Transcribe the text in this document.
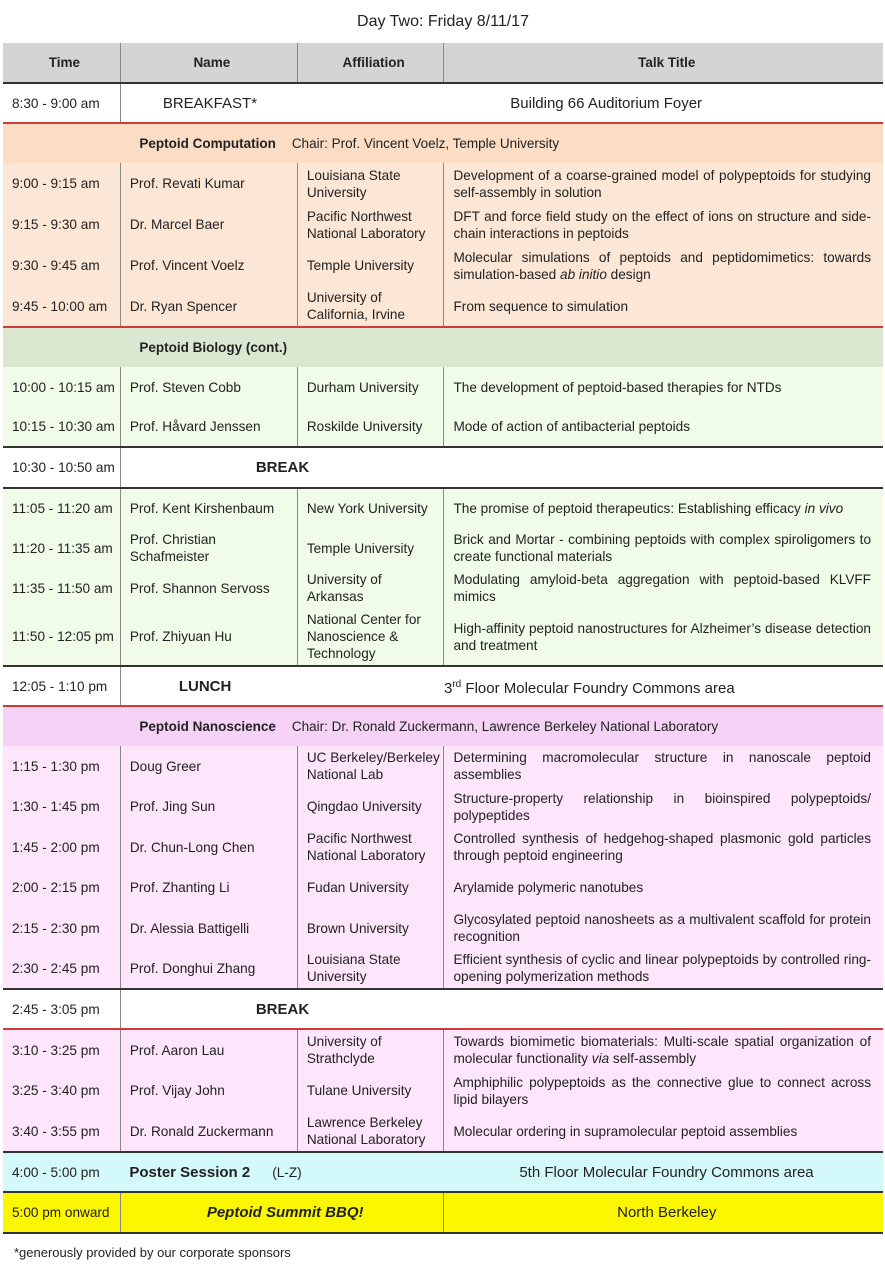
Day Two: Friday 8/11/17
Time	Name	Affiliation	Talk Title
8:30 - 9:00 am	BREAKFAST*	Building 66 Auditorium Foyer	
	Peptoid Computation Chair: Prof. Vincent Voelz, Temple University		
9:00 - 9:15 am	Prof. Revati Kumar	Louisiana State University	Development of a coarse-grained model of polypeptoids for studying self-assembly in solution
9:15 - 9:30 am	Dr. Marcel Baer	Pacific Northwest National Laboratory	DFT and force field study on the effect of ions on structure and side-chain interactions in peptoids
9:30 - 9:45 am	Prof. Vincent Voelz	Temple University	Molecular simulations of peptoids and peptidomimetics: towards simulation-based ab initio design
9:45 - 10:00 am	Dr. Ryan Spencer	University of California, Irvine	From sequence to simulation
	Peptoid Biology (cont.)		
10:00 - 10:15 am	Prof. Steven Cobb	Durham University	The development of peptoid-based therapies for NTDs
10:15 - 10:30 am	Prof. Håvard Jenssen	Roskilde University	Mode of action of antibacterial peptoids
10:30 - 10:50 am	BREAK		
11:05 - 11:20 am	Prof. Kent Kirshenbaum	New York University	The promise of peptoid therapeutics: Establishing efficacy in vivo
11:20 - 11:35 am	Prof. Christian Schafmeister	Temple University	Brick and Mortar - combining peptoids with complex spiroligomers to create functional materials
11:35 - 11:50 am	Prof. Shannon Servoss	University of Arkansas	Modulating amyloid-beta aggregation with peptoid-based KLVFF mimics
11:50 - 12:05 pm	Prof. Zhiyuan Hu	National Center for Nanoscience & Technology	High-affinity peptoid nanostructures for Alzheimer’s disease detection and treatment
12:05 - 1:10 pm	LUNCH		3rd Floor Molecular Foundry Commons area
	Peptoid Nanoscience Chair: Dr. Ronald Zuckermann, Lawrence Berkeley National Laboratory		
1:15 - 1:30 pm	Doug Greer	UC Berkeley/Berkeley National Lab	Determining macromolecular structure in nanoscale peptoid assemblies
1:30 - 1:45 pm	Prof. Jing Sun	Qingdao University	Structure-property relationship in bioinspired polypeptoids/ polypeptides
1:45 - 2:00 pm	Dr. Chun-Long Chen	Pacific Northwest National Laboratory	Controlled synthesis of hedgehog-shaped plasmonic gold particles through peptoid engineering
2:00 - 2:15 pm	Prof. Zhanting Li	Fudan University	Arylamide polymeric nanotubes
2:15 - 2:30 pm	Dr. Alessia Battigelli	Brown University	Glycosylated peptoid nanosheets as a multivalent scaffold for protein recognition
2:30 - 2:45 pm	Prof. Donghui Zhang	Louisiana State University	Efficient synthesis of cyclic and linear polypeptoids by controlled ring-opening polymerization methods
2:45 - 3:05 pm	BREAK		
3:10 - 3:25 pm	Prof. Aaron Lau	University of Strathclyde	Towards biomimetic biomaterials: Multi-scale spatial organization of molecular functionality via self-assembly
3:25 - 3:40 pm	Prof. Vijay John	Tulane University	Amphiphilic polypeptoids as the connective glue to connect across lipid bilayers
3:40 - 3:55 pm	Dr. Ronald Zuckermann	Lawrence Berkeley National Laboratory	Molecular ordering in supramolecular peptoid assemblies
4:00 - 5:00 pm	Poster Session 2 (L-Z)		5th Floor Molecular Foundry Commons area
5:00 pm onward	Peptoid Summit BBQ!		North Berkeley
*generously provided by our corporate sponsors
